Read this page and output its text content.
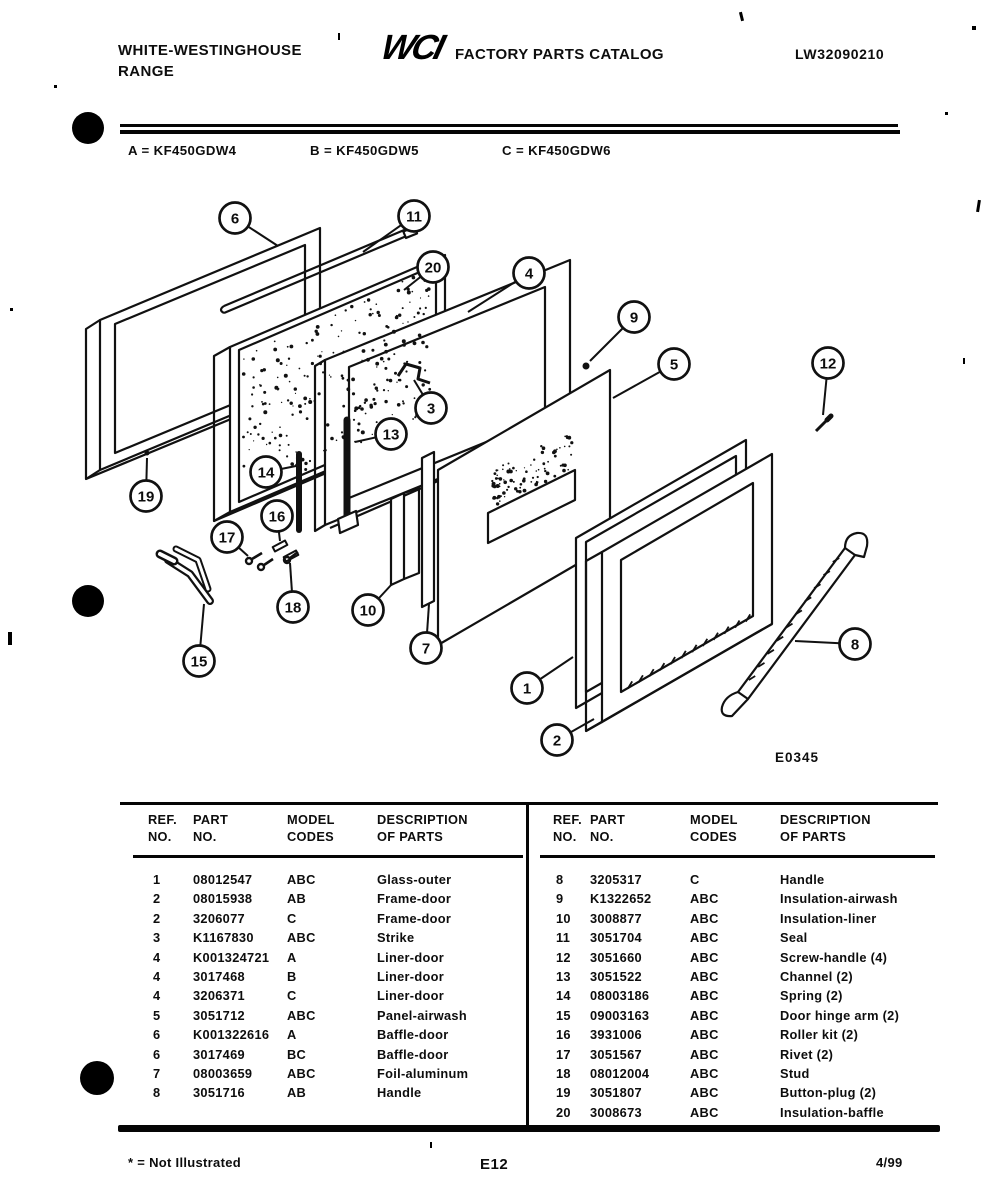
WHITE-WESTINGHOUSE
RANGE
WCI FACTORY PARTS CATALOG	LW32090210
A = KF450GDW4	B = KF450GDW5	C = KF450GDW6
6	11
20	4
9
5	12
3
13
14
19
16
17
10
18
15
7	8
1
2
E0345
REF.
NO.
PART
NO.
MODEL
CODES
DESCRIPTION
OF PARTS
1	08012547	ABC	Glass-outer
2	08015938	AB	Frame-door
2	3206077	C	Frame-door
3	K1167830	ABC	Strike
4	K001324721	A	Liner-door
4	3017468	B	Liner-door
4	3206371	C	Liner-door
5	3051712	ABC	Panel-airwash
6	K001322616	A	Baffle-door
6	3017469	BC	Baffle-door
7	08003659	ABC	Foil-aluminum
8	3051716	AB	Handle
REF.
NO.
PART
NO.
MODEL
CODES
DESCRIPTION
OF PARTS
8	3205317	C	Handle
9	K1322652	ABC	Insulation-airwash
10	3008877	ABC	Insulation-liner
11	3051704	ABC	Seal
12	3051660	ABC	Screw-handle (4)
13	3051522	ABC	Channel (2)
14	08003186	ABC	Spring (2)
15	09003163	ABC	Door hinge arm (2)
16	3931006	ABC	Roller kit (2)
17	3051567	ABC	Rivet (2)
18	08012004	ABC	Stud
19	3051807	ABC	Button-plug (2)
20	3008673	ABC	Insulation-baffle
* = Not Illustrated	E12	4/99
